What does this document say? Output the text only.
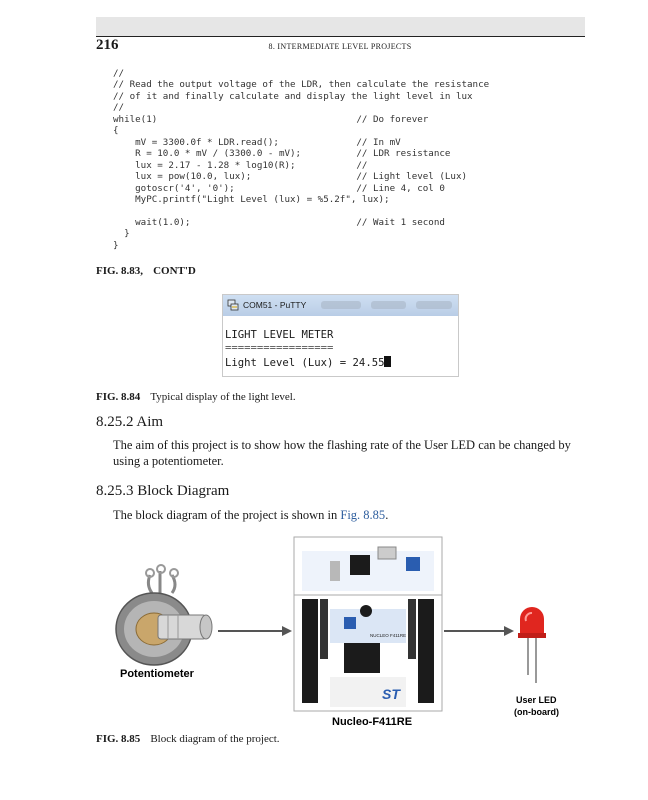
216	8. INTERMEDIATE LEVEL PROJECTS
//
// Read the output voltage of the LDR, then calculate the resistance
// of it and finally calculate and display the light level in lux
//
while(1)                                    // Do forever
{
mV = 3300.0f * LDR.read();              // In mV
R = 10.0 * mV / (3300.0 - mV);          // LDR resistance
lux = 2.17 - 1.28 * log10(R);           //
lux = pow(10.0, lux);                   // Light level (Lux)
gotoscr('4', '0');                      // Line 4, col 0
MyPC.printf("Light Level (lux) = %5.2f", lux);
wait(1.0);                              // Wait 1 second
}
}
FIG. 8.83, CONT'D
COM51 - PuTTY
LIGHT LEVEL METER
=================
Light Level (Lux) = 24.55
FIG. 8.84 Typical display of the light level.
8.25.2 Aim
The aim of this project is to show how the flashing rate of the User LED can be changed by using a potentiometer.
8.25.3 Block Diagram
The block diagram of the project is shown in Fig. 8.85.
Potentiometer
NUCLEO F411RE
ST
Nucleo-F411RE
User LED
(on-board)
FIG. 8.85 Block diagram of the project.
